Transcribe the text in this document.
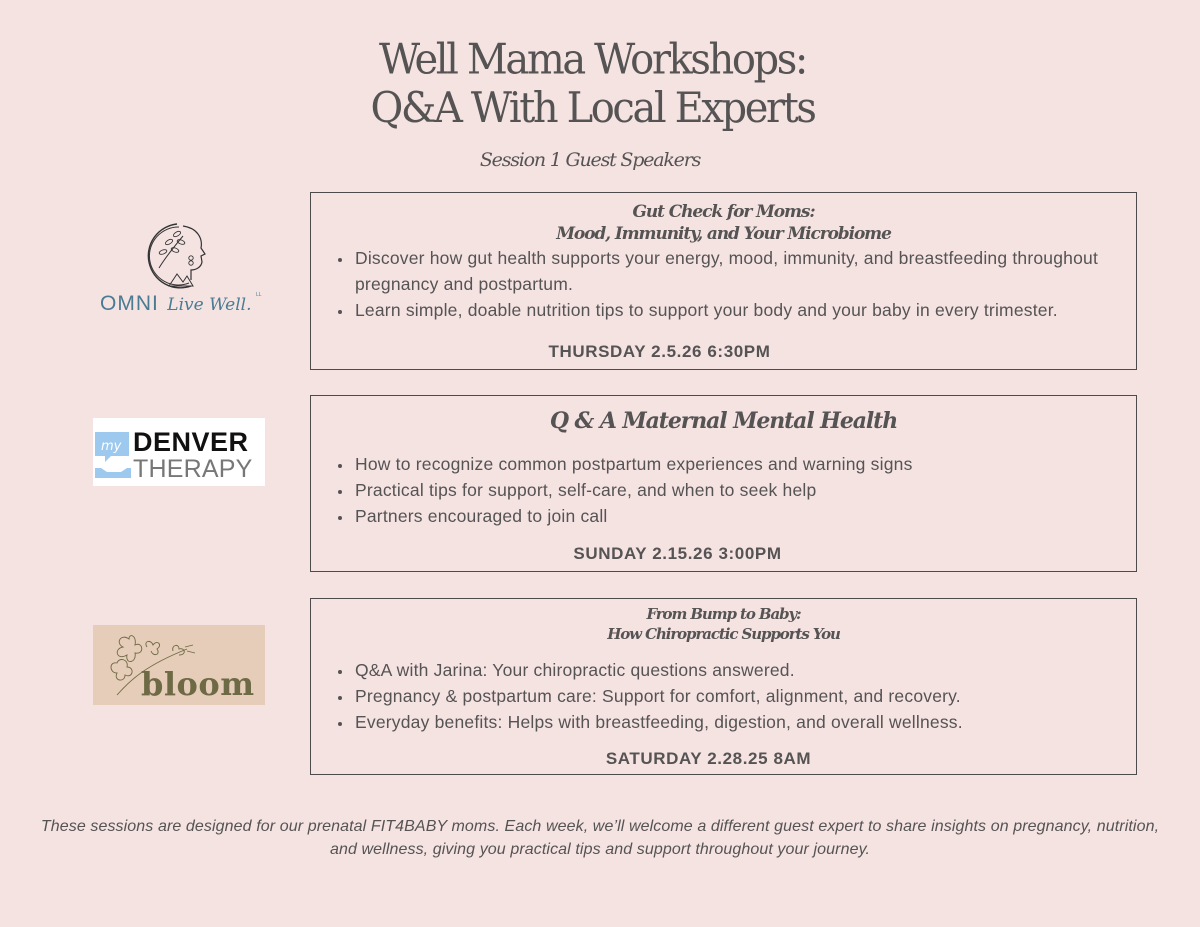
Well Mama Workshops:
Q&A With Local Experts
Session 1 Guest Speakers
OMNI Live Well. $^{LL}$
Gut Check for Moms:
Mood, Immunity, and Your Microbiome
• Discover how gut health supports your energy, mood, immunity, and breastfeeding throughout pregnancy and postpartum.
• Learn simple, doable nutrition tips to support your body and your baby in every trimester.
THURSDAY 2.5.26 6:30PM
my DENVER
THERAPY
Q & A Maternal Mental Health
• How to recognize common postpartum experiences and warning signs
• Practical tips for support, self-care, and when to seek help
• Partners encouraged to join call
SUNDAY 2.15.26 3:00PM
bloom
From Bump to Baby:
How Chiropractic Supports You
• Q&A with Jarina: Your chiropractic questions answered.
• Pregnancy & postpartum care: Support for comfort, alignment, and recovery.
• Everyday benefits: Helps with breastfeeding, digestion, and overall wellness.
SATURDAY 2.28.25 8AM
These sessions are designed for our prenatal FIT4BABY moms. Each week, we’ll welcome a different guest expert to share insights on pregnancy, nutrition, and wellness, giving you practical tips and support throughout your journey.
